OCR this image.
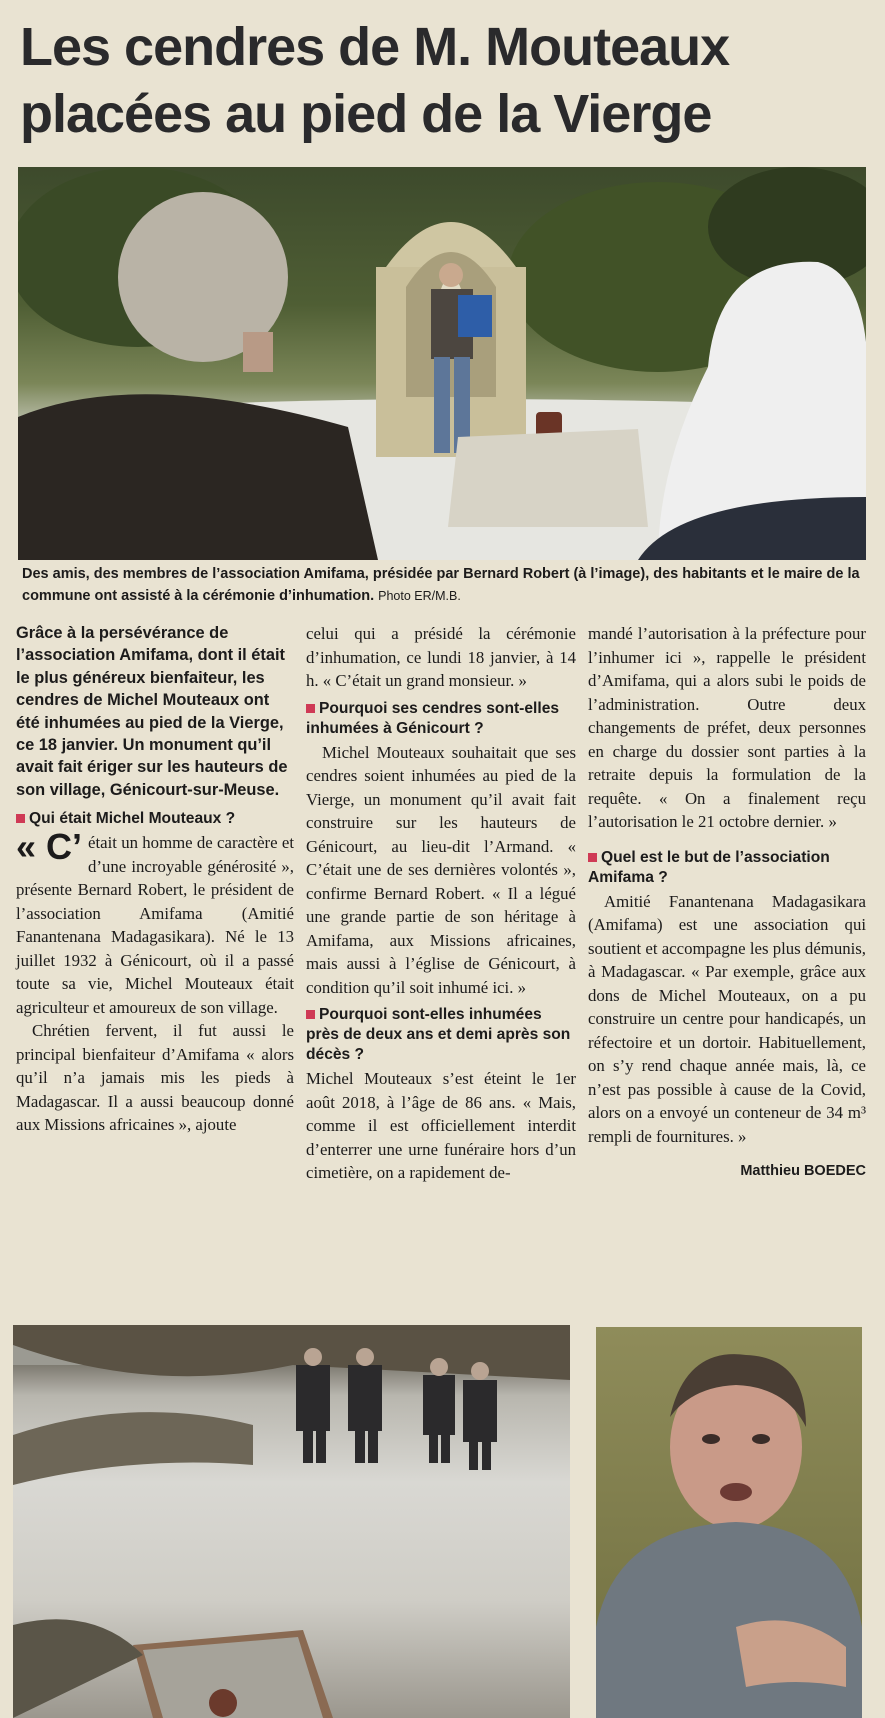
Les cendres de M. Mouteaux placées au pied de la Vierge

Des amis, des membres de l’association Amifama, présidée par Bernard Robert (à l’image), des habitants et le maire de la commune ont assisté à la cérémonie d’inhumation. Photo ER/M.B.

Grâce à la persévérance de l’association Amifama, dont il était le plus généreux bienfaiteur, les cendres de Michel Mouteaux ont été inhumées au pied de la Vierge, ce 18 janvier. Un monument qu’il avait fait ériger sur les hauteurs de son village, Génicourt-sur-Meuse.

Qui était Michel Mouteaux ?

« C’ était un homme de caractère et d’une incroyable générosité », présente Bernard Robert, le président de l’association Amifama (Amitié Fanantenana Madagasikara). Né le 13 juillet 1932 à Génicourt, où il a passé toute sa vie, Michel Mouteaux était agriculteur et amoureux de son village.

Chrétien fervent, il fut aussi le principal bienfaiteur d’Amifama « alors qu’il n’a jamais mis les pieds à Madagascar. Il a aussi beaucoup donné aux Missions africaines », ajoute

celui qui a présidé la cérémonie d’inhumation, ce lundi 18 janvier, à 14 h. « C’était un grand monsieur. »

Pourquoi ses cendres sont-elles inhumées à Génicourt ?

Michel Mouteaux souhaitait que ses cendres soient inhumées au pied de la Vierge, un monument qu’il avait fait construire sur les hauteurs de Génicourt, au lieu-dit l’Armand. « C’était une de ses dernières volontés », confirme Bernard Robert. « Il a légué une grande partie de son héritage à Amifama, aux Missions africaines, mais aussi à l’église de Génicourt, à condition qu’il soit inhumé ici. »

Pourquoi sont-elles inhumées près de deux ans et demi après son décès ?

Michel Mouteaux s’est éteint le 1er août 2018, à l’âge de 86 ans. « Mais, comme il est officiellement interdit d’enterrer une urne funéraire hors d’un cimetière, on a rapidement de-

mandé l’autorisation à la préfecture pour l’inhumer ici », rappelle le président d’Amifama, qui a alors subi le poids de l’administration. Outre deux changements de préfet, deux personnes en charge du dossier sont parties à la retraite depuis la formulation de la requête. « On a finalement reçu l’autorisation le 21 octobre dernier. »

Quel est le but de l’association Amifama ?

Amitié Fanantenana Madagasikara (Amifama) est une association qui soutient et accompagne les plus démunis, à Madagascar. « Par exemple, grâce aux dons de Michel Mouteaux, on a pu construire un centre pour handicapés, un réfectoire et un dortoir. Habituellement, on s’y rend chaque année mais, là, ce n’est pas possible à cause de la Covid, alors on a envoyé un conteneur de 34 m³ rempli de fournitures. »

Matthieu BOEDEC
